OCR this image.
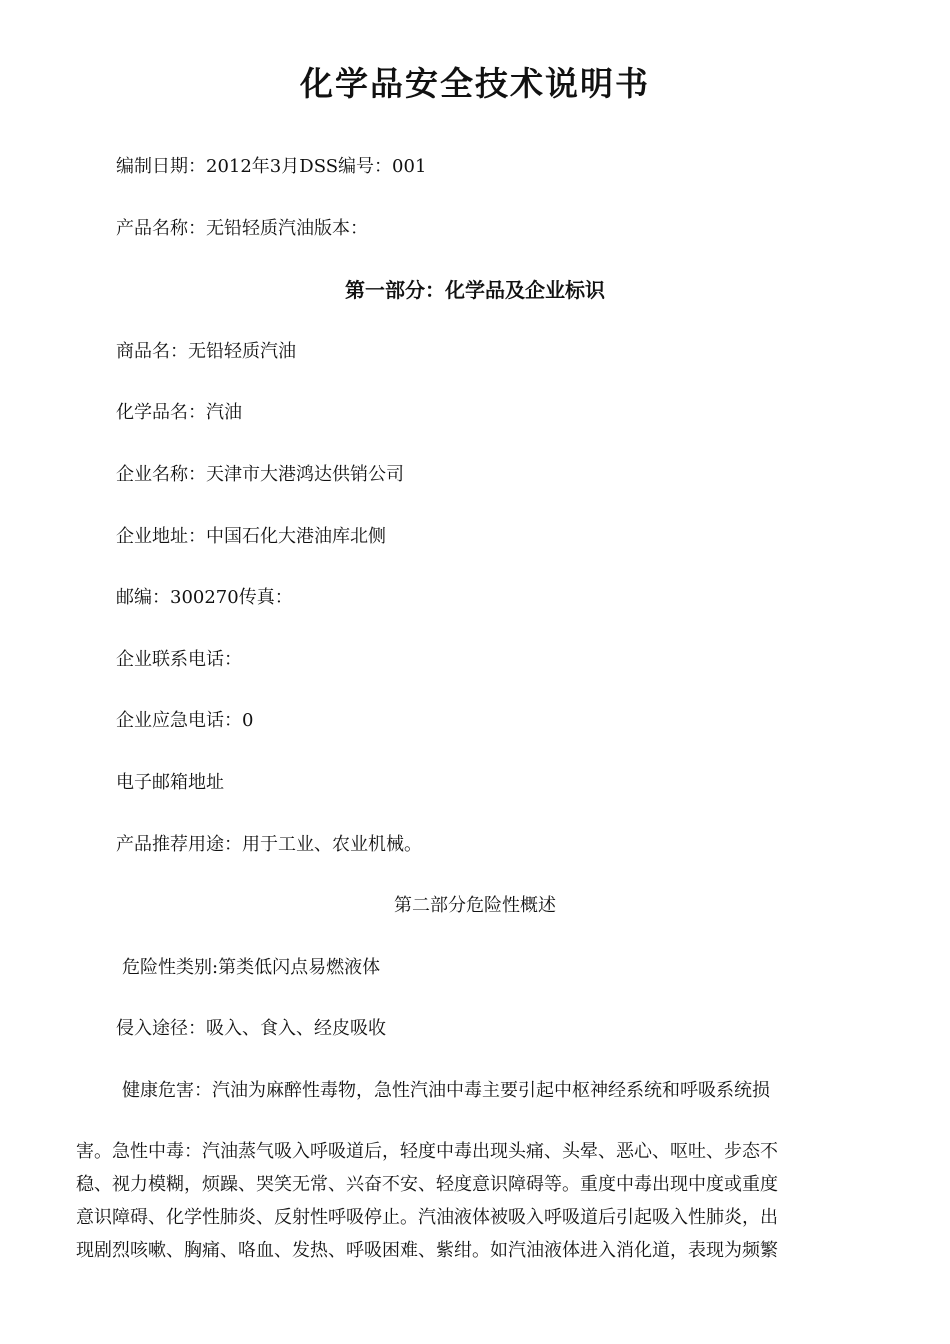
化学品安全技术说明书
编制日期：2012年3月DSS编号：001
产品名称：无铅轻质汽油版本：
第一部分：化学品及企业标识
商品名：无铅轻质汽油
化学品名：汽油
企业名称：天津市大港鸿达供销公司
企业地址：中国石化大港油库北侧
邮编：300270传真：
企业联系电话：
企业应急电话：0
电子邮箱地址
产品推荐用途：用于工业、农业机械。
第二部分危险性概述
危险性类别:第类低闪点易燃液体
侵入途径：吸入、食入、经皮吸收
健康危害：汽油为麻醉性毒物，急性汽油中毒主要引起中枢神经系统和呼吸系统损
害。急性中毒：汽油蒸气吸入呼吸道后，轻度中毒出现头痛、头晕、恶心、呕吐、步态不
稳、视力模糊，烦躁、哭笑无常、兴奋不安、轻度意识障碍等。重度中毒出现中度或重度
意识障碍、化学性肺炎、反射性呼吸停止。汽油液体被吸入呼吸道后引起吸入性肺炎，出
现剧烈咳嗽、胸痛、咯血、发热、呼吸困难、紫绀。如汽油液体进入消化道，表现为频繁
